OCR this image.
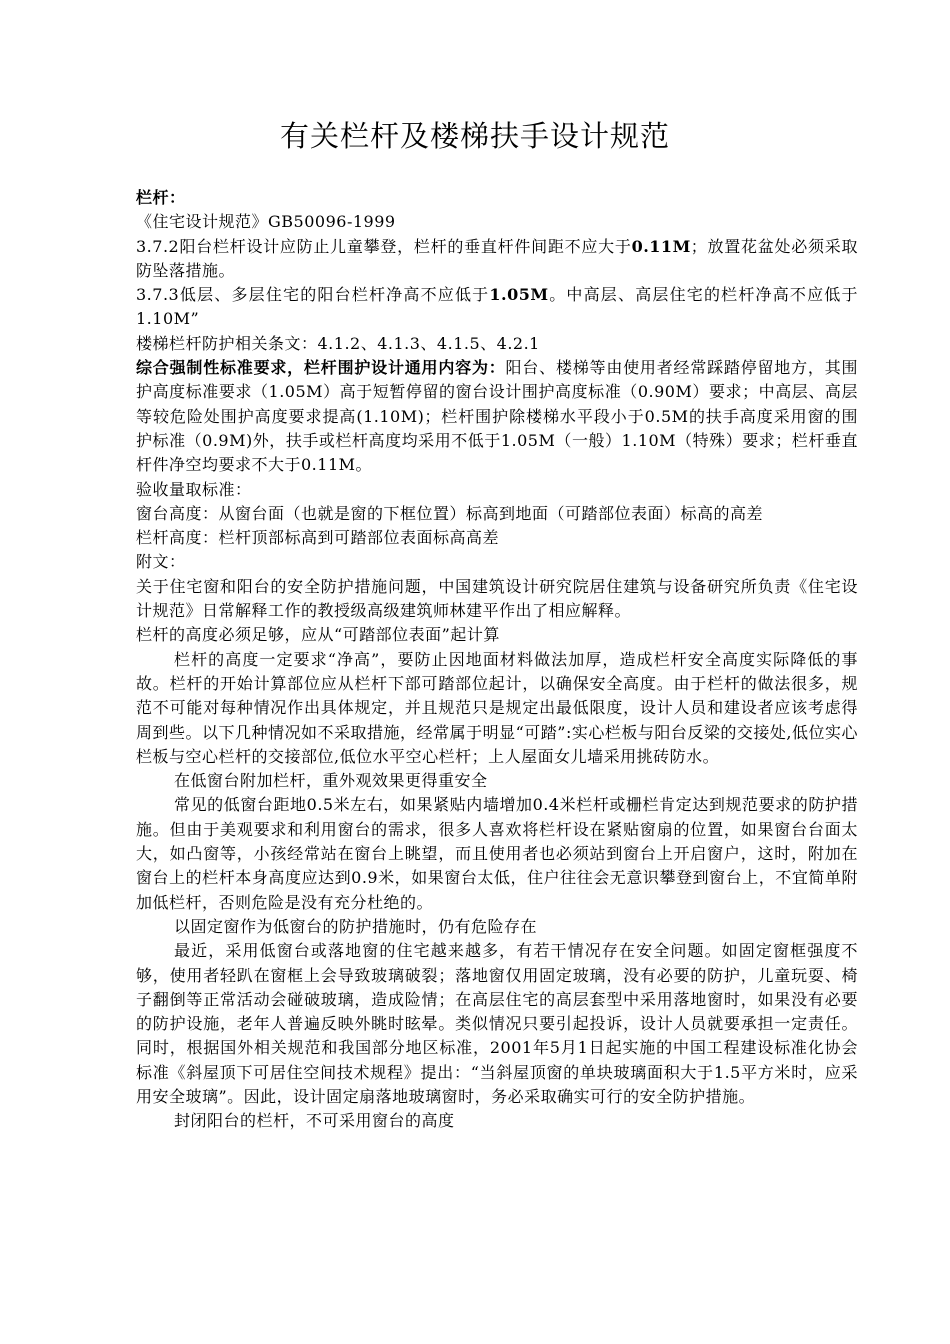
有关栏杆及楼梯扶手设计规范

栏杆：

《住宅设计规范》GB50096-1999

3.7.2阳台栏杆设计应防止儿童攀登，栏杆的垂直杆件间距不应大于0.11M；放置花盆处必须采取防坠落措施。

3.7.3低层、多层住宅的阳台栏杆净高不应低于1.05M。中高层、高层住宅的栏杆净高不应低于1.10M”

楼梯栏杆防护相关条文：4.1.2、4.1.3、4.1.5、4.2.1

综合强制性标准要求，栏杆围护设计通用内容为：阳台、楼梯等由使用者经常踩踏停留地方，其围护高度标准要求（1.05M）高于短暂停留的窗台设计围护高度标准（0.90M）要求；中高层、高层等较危险处围护高度要求提高(1.10M)；栏杆围护除楼梯水平段小于0.5M的扶手高度采用窗的围护标准（0.9M)外，扶手或栏杆高度均采用不低于1.05M（一般）1.10M（特殊）要求；栏杆垂直杆件净空均要求不大于0.11M。

验收量取标准：

窗台高度：从窗台面（也就是窗的下框位置）标高到地面（可踏部位表面）标高的高差

栏杆高度：栏杆顶部标高到可踏部位表面标高高差

附文：

关于住宅窗和阳台的安全防护措施问题，中国建筑设计研究院居住建筑与设备研究所负责《住宅设计规范》日常解释工作的教授级高级建筑师林建平作出了相应解释。

栏杆的高度必须足够，应从“可踏部位表面”起计算

栏杆的高度一定要求“净高”，要防止因地面材料做法加厚，造成栏杆安全高度实际降低的事故。栏杆的开始计算部位应从栏杆下部可踏部位起计，以确保安全高度。由于栏杆的做法很多，规范不可能对每种情况作出具体规定，并且规范只是规定出最低限度，设计人员和建设者应该考虑得周到些。以下几种情况如不采取措施，经常属于明显“可踏”:实心栏板与阳台反梁的交接处,低位实心栏板与空心栏杆的交接部位,低位水平空心栏杆；上人屋面女儿墙采用挑砖防水。

在低窗台附加栏杆，重外观效果更得重安全

常见的低窗台距地0.5米左右，如果紧贴内墙增加0.4米栏杆或栅栏肯定达到规范要求的防护措施。但由于美观要求和利用窗台的需求，很多人喜欢将栏杆设在紧贴窗扇的位置，如果窗台台面太大，如凸窗等，小孩经常站在窗台上眺望，而且使用者也必须站到窗台上开启窗户，这时，附加在窗台上的栏杆本身高度应达到0.9米，如果窗台太低，住户往往会无意识攀登到窗台上，不宜简单附加低栏杆，否则危险是没有充分杜绝的。

以固定窗作为低窗台的防护措施时，仍有危险存在

最近，采用低窗台或落地窗的住宅越来越多，有若干情况存在安全问题。如固定窗框强度不够，使用者轻趴在窗框上会导致玻璃破裂；落地窗仅用固定玻璃，没有必要的防护，儿童玩耍、椅子翻倒等正常活动会碰破玻璃，造成险情；在高层住宅的高层套型中采用落地窗时，如果没有必要的防护设施，老年人普遍反映外眺时眩晕。类似情况只要引起投诉，设计人员就要承担一定责任。同时，根据国外相关规范和我国部分地区标准，2001年5月1日起实施的中国工程建设标准化协会标准《斜屋顶下可居住空间技术规程》提出：“当斜屋顶窗的单块玻璃面积大于1.5平方米时，应采用安全玻璃”。因此，设计固定扇落地玻璃窗时，务必采取确实可行的安全防护措施。

封闭阳台的栏杆，不可采用窗台的高度
